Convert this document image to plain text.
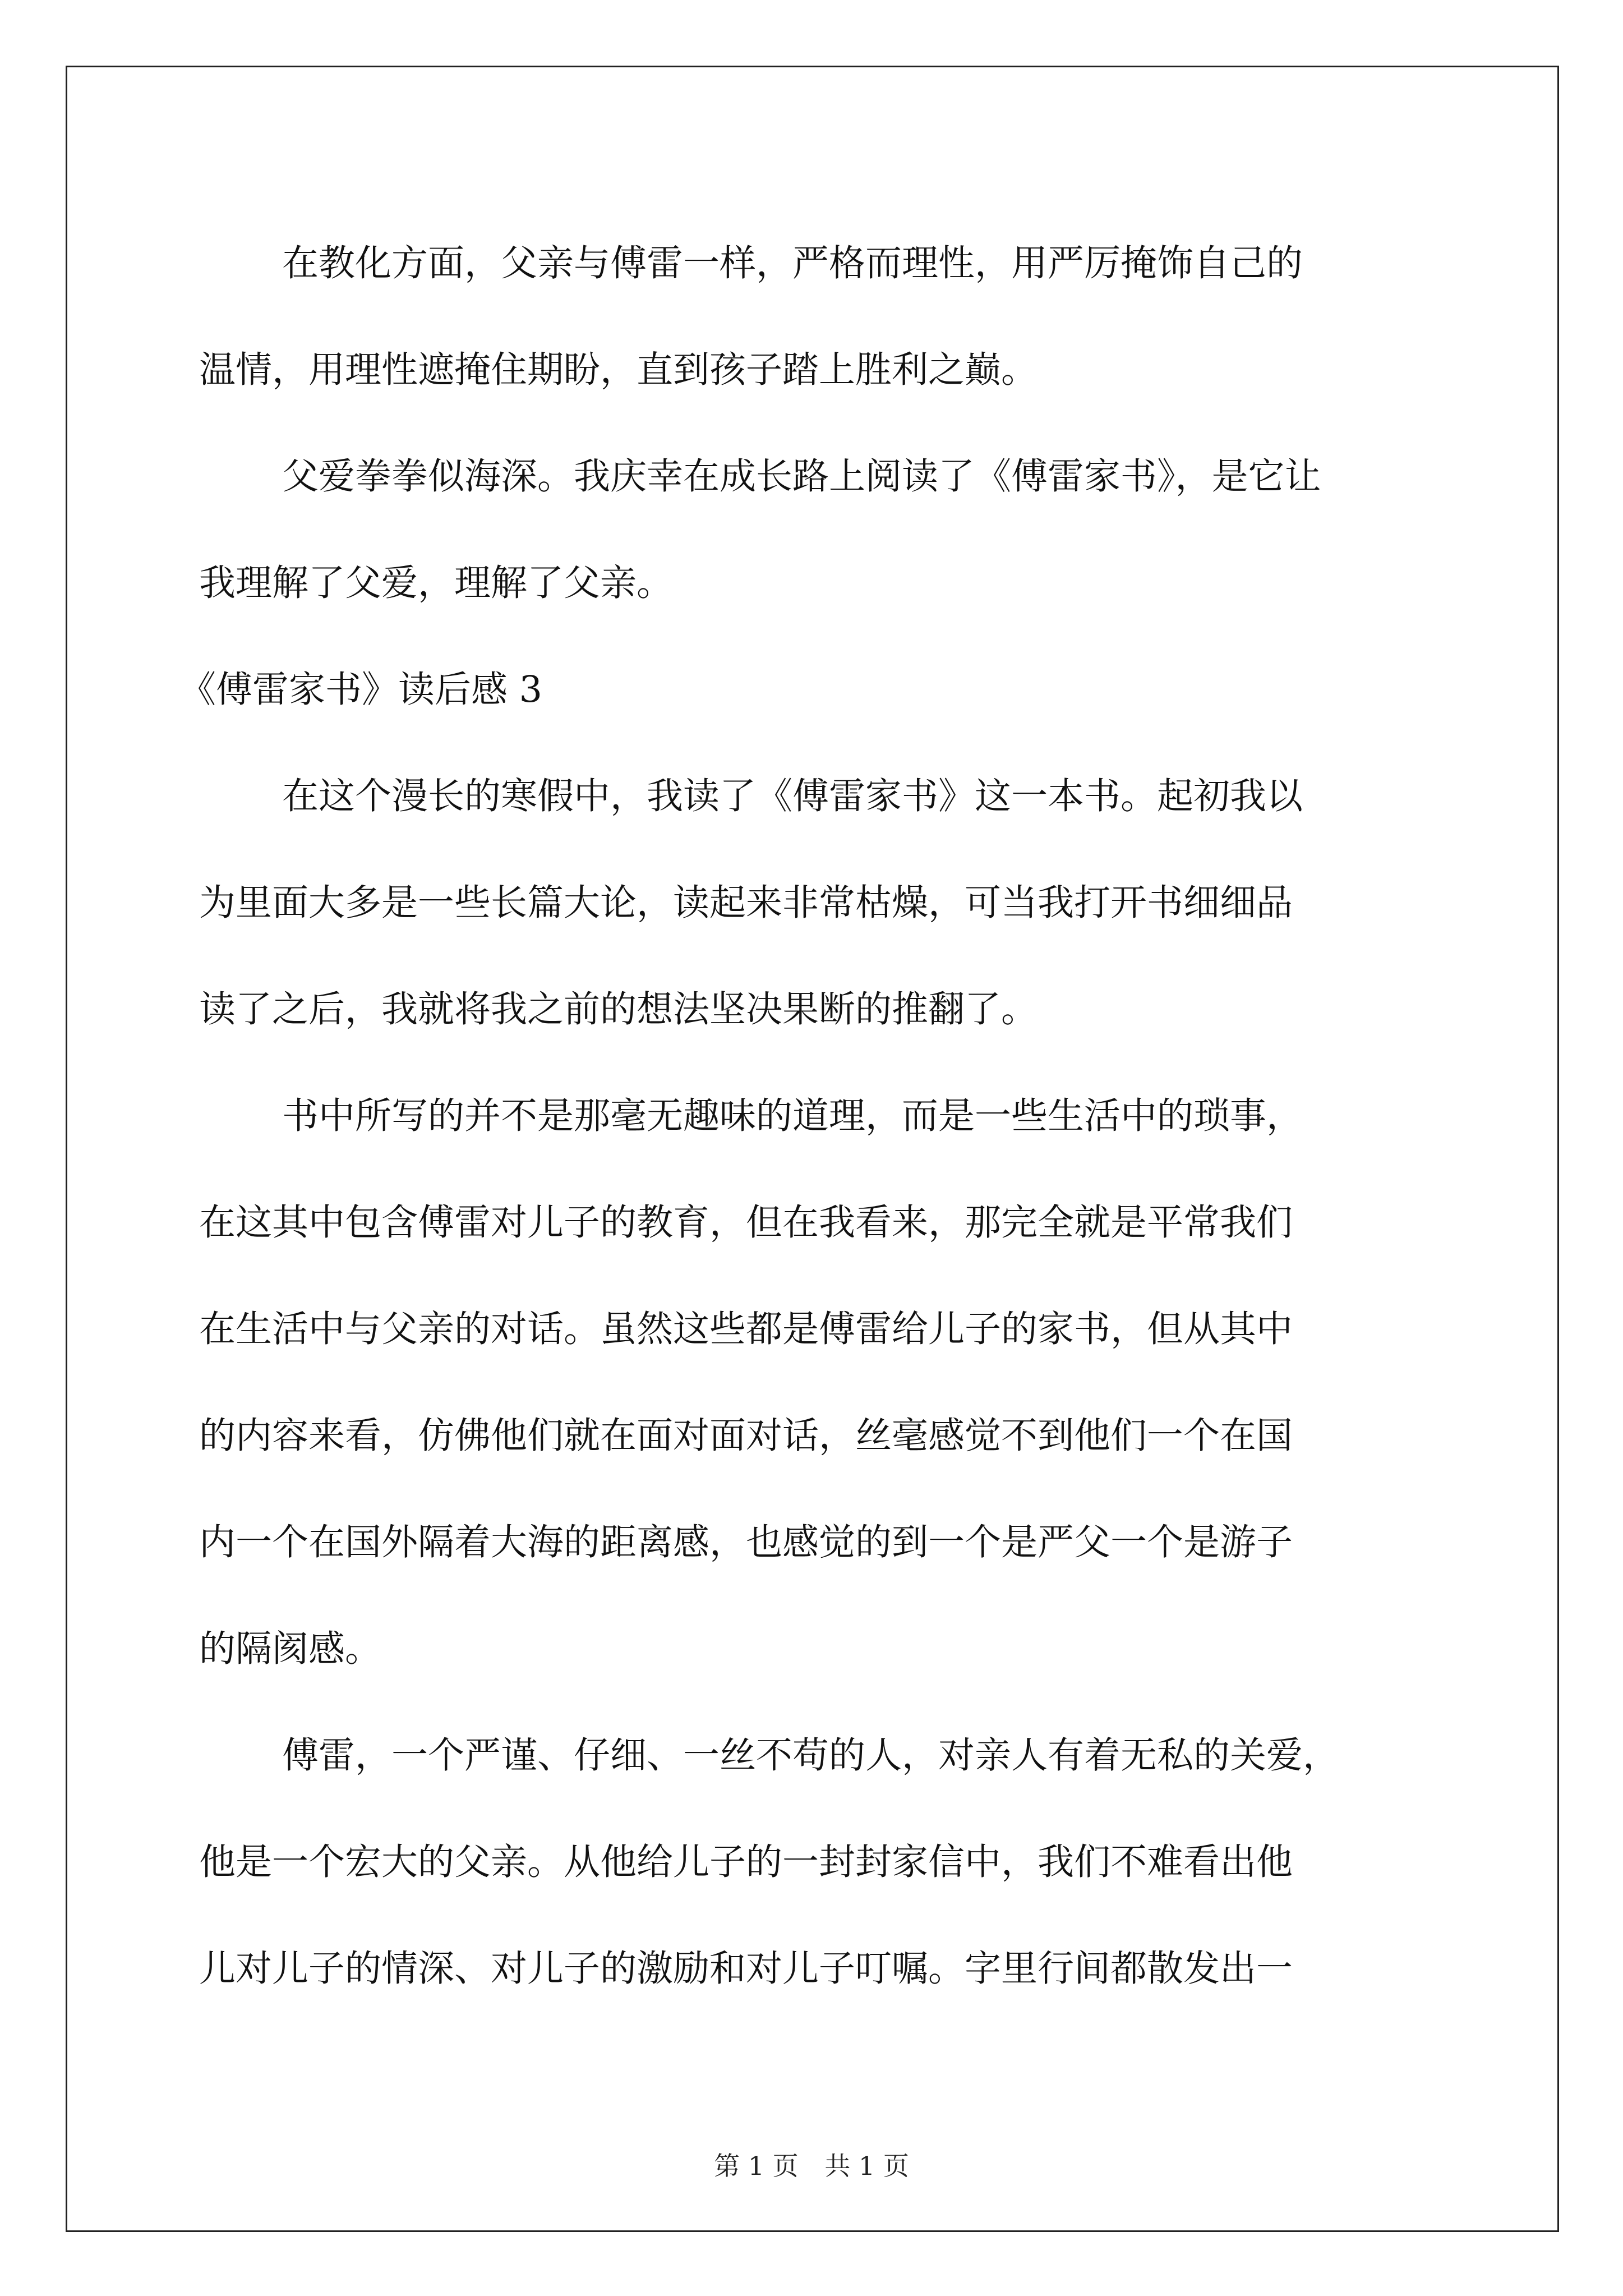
在教化方面，父亲与傅雷一样，严格而理性，用严厉掩饰自己的
温情，用理性遮掩住期盼，直到孩子踏上胜利之巅。
父爱拳拳似海深。我庆幸在成长路上阅读了《傅雷家书》，是它让
我理解了父爱，理解了父亲。
《傅雷家书》读后感 3
在这个漫长的寒假中，我读了《傅雷家书》这一本书。起初我以
为里面大多是一些长篇大论，读起来非常枯燥，可当我打开书细细品
读了之后，我就将我之前的想法坚决果断的推翻了。
书中所写的并不是那毫无趣味的道理，而是一些生活中的琐事，
在这其中包含傅雷对儿子的教育，但在我看来，那完全就是平常我们
在生活中与父亲的对话。虽然这些都是傅雷给儿子的家书，但从其中
的内容来看，仿佛他们就在面对面对话，丝毫感觉不到他们一个在国
内一个在国外隔着大海的距离感，也感觉的到一个是严父一个是游子
的隔阂感。
傅雷，一个严谨、仔细、一丝不苟的人，对亲人有着无私的关爱，
他是一个宏大的父亲。从他给儿子的一封封家信中，我们不难看出他
儿对儿子的情深、对儿子的激励和对儿子叮嘱。字里行间都散发出一
第 1 页 共 1 页
